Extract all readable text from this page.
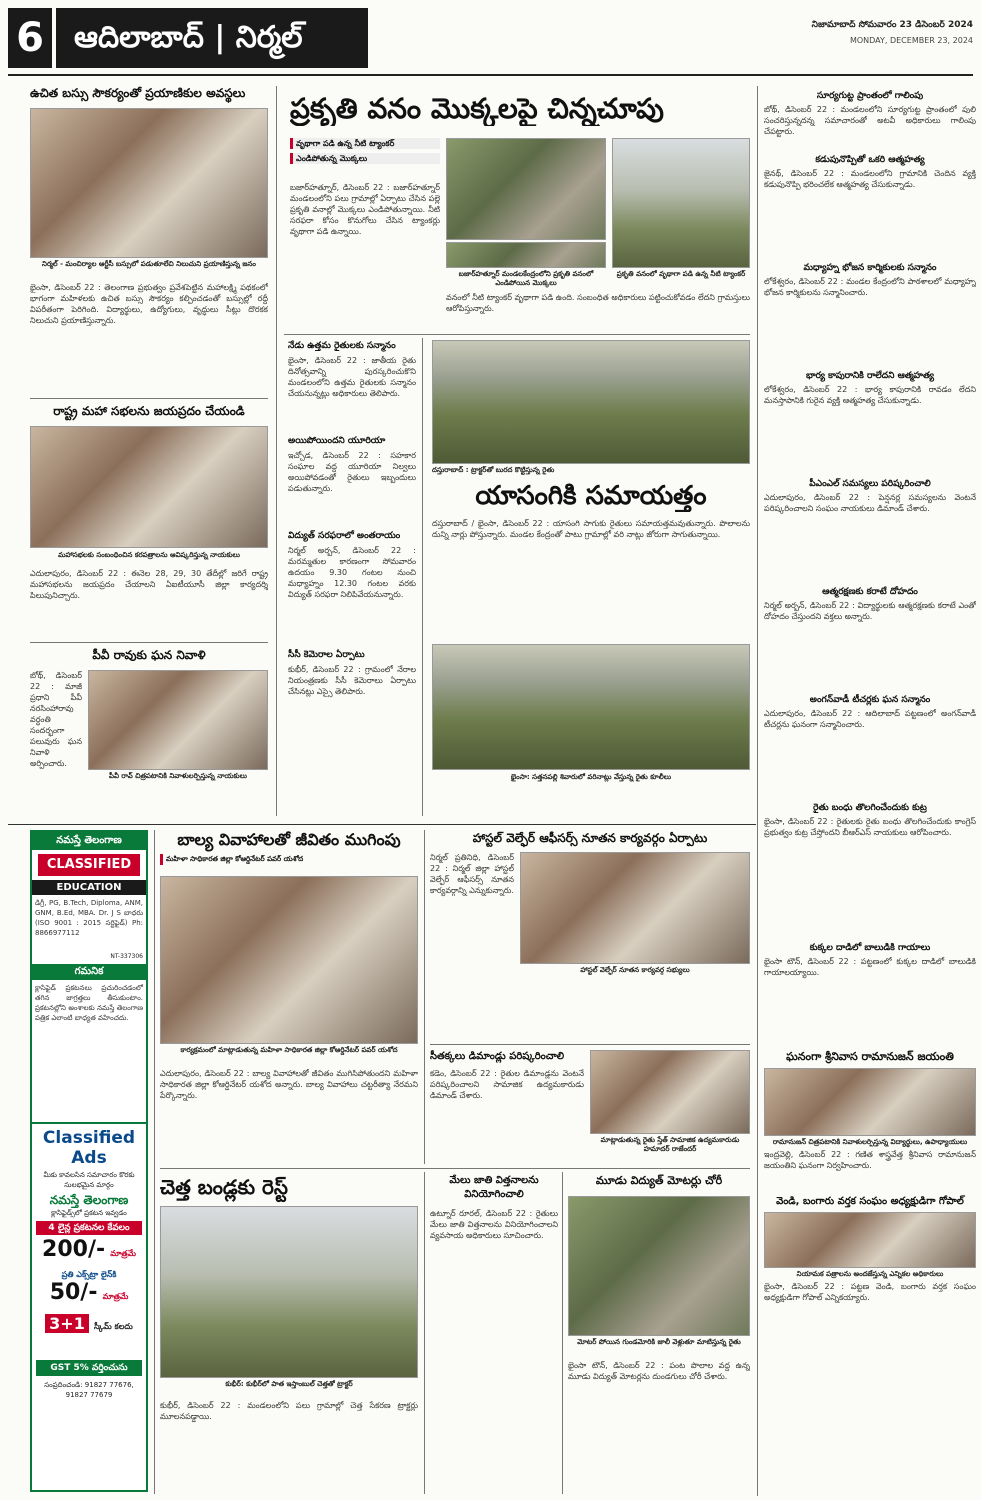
6	ఆదిలాబాద్ | నిర్మల్	నిజామాబాద్ సోమవారం 23 డిసెంబర్ 2024
MONDAY, DECEMBER 23, 2024
ఉచిత బస్సు సౌకర్యంతో ప్రయాణికుల అవస్థలు
నిర్మల్ - మంచిర్యాల ఆర్టీసీ బస్సులో పడుతూలేచి నిలుచుని ప్రయాణిస్తున్న జనం
భైంసా, డిసెంబర్ 22 : తెలంగాణ ప్రభుత్వం ప్రవేశపెట్టిన మహాలక్ష్మి పథకంలో భాగంగా మహిళలకు ఉచిత బస్సు సౌకర్యం కల్పించడంతో బస్సుల్లో రద్దీ విపరీతంగా పెరిగింది. విద్యార్థులు, ఉద్యోగులు, వృద్ధులు సీట్లు దొరకక నిలుచుని ప్రయాణిస్తున్నారు.
రాష్ట్ర మహా సభలను జయప్రదం చేయండి
మహాసభలకు సంబంధించిన కరపత్రాలను ఆవిష్కరిస్తున్న నాయకులు
ఎదులాపురం, డిసెంబర్ 22 : ఈనెల 28, 29, 30 తేదీల్లో జరిగే రాష్ట్ర మహాసభలను జయప్రదం చేయాలని ఏఐటీయూసీ జిల్లా కార్యదర్శి పిలుపునిచ్చారు.
పీవీ రావుకు ఘన నివాళి
బోథ్, డిసెంబర్ 22 : మాజీ ప్రధాని పీవీ నరసింహారావు వర్ధంతి సందర్భంగా పలువురు ఘన నివాళి అర్పించారు.
పీవీ రావ్ చిత్రపటానికి నివాళులర్పిస్తున్న నాయకులు
ప్రకృతి వనం మొక్కలపై చిన్నచూపు
వృథాగా పడి ఉన్న నీటి ట్యాంకర్
ఎండిపోతున్న మొక్కలు
బజార్‌హత్నూర్, డిసెంబర్ 22 : బజార్‌హత్నూర్ మండలంలోని పలు గ్రామాల్లో ఏర్పాటు చేసిన పల్లె ప్రకృతి వనాల్లో మొక్కలు ఎండిపోతున్నాయి. నీటి సరఫరా కోసం కొనుగోలు చేసిన ట్యాంకర్లు వృథాగా పడి ఉన్నాయి.
బజార్‌హత్నూర్ మండలకేంద్రంలోని ప్రకృతి వనంలో ఎండిపోయిన మొక్కలు
ప్రకృతి వనంలో వృథాగా పడి ఉన్న నీటి ట్యాంకర్
వనంలో నీటి ట్యాంకర్ వృథాగా పడి ఉంది. సంబంధిత అధికారులు పట్టించుకోవడం లేదని గ్రామస్తులు ఆరోపిస్తున్నారు.
నేడు ఉత్తమ రైతులకు సన్మానం
భైంసా, డిసెంబర్ 22 : జాతీయ రైతు దినోత్సవాన్ని పురస్కరించుకొని మండలంలోని ఉత్తమ రైతులకు సన్మానం చేయనున్నట్లు అధికారులు తెలిపారు.
అయిపోయిందని యూరియా
ఇచ్చోడ, డిసెంబర్ 22 : సహకార సంఘాల వద్ద యూరియా నిల్వలు అయిపోవడంతో రైతులు ఇబ్బందులు పడుతున్నారు.
విద్యుత్ సరఫరాలో అంతరాయం
నిర్మల్ అర్బన్, డిసెంబర్ 22 : మరమ్మతుల కారణంగా సోమవారం ఉదయం 9.30 గంటల నుంచి మధ్యాహ్నం 12.30 గంటల వరకు విద్యుత్ సరఫరా నిలిపివేయనున్నారు.
సీసీ కెమెరాల ఏర్పాటు
కుభీర్, డిసెంబర్ 22 : గ్రామంలో నేరాల నియంత్రణకు సీసీ కెమెరాలు ఏర్పాటు చేసినట్లు ఎస్సై తెలిపారు.
దస్తురాబాద్ : ట్రాక్టర్‌తో బురద కొట్టిస్తున్న రైతు
యాసంగికి సమాయత్తం
దస్తురాబాద్ / భైంసా, డిసెంబర్ 22 : యాసంగి సాగుకు రైతులు సమాయత్తమవుతున్నారు. పొలాలను దున్ని నార్లు పోస్తున్నారు. మండల కేంద్రంతో పాటు గ్రామాల్లో వరి నాట్లు జోరుగా సాగుతున్నాయి.
భైంసా: సత్తనపల్లి శివారులో వరినాట్లు వేస్తున్న రైతు కూలీలు
సూర్యగుట్ట ప్రాంతంలో గాలింపు
బోథ్, డిసెంబర్ 22 : మండలంలోని సూర్యగుట్ట ప్రాంతంలో పులి సంచరిస్తున్నదన్న సమాచారంతో అటవీ అధికారులు గాలింపు చేపట్టారు.
కడుపునొప్పితో ఒకరి ఆత్మహత్య
జైనథ్, డిసెంబర్ 22 : మండలంలోని గ్రామానికి చెందిన వ్యక్తి కడుపునొప్పి భరించలేక ఆత్మహత్య చేసుకున్నాడు.
మధ్యాహ్న భోజన కార్మికులకు సన్మానం
లోకేశ్వరం, డిసెంబర్ 22 : మండల కేంద్రంలోని పాఠశాలలో మధ్యాహ్న భోజన కార్మికులను సన్మానించారు.
భార్య కాపురానికి రాలేదని ఆత్మహత్య
లోకేశ్వరం, డిసెంబర్ 22 : భార్య కాపురానికి రావడం లేదని మనస్తాపానికి గురైన వ్యక్తి ఆత్మహత్య చేసుకున్నాడు.
పీఎంఎల్ సమస్యలు పరిష్కరించాలి
ఎదులాపురం, డిసెంబర్ 22 : పెన్షనర్ల సమస్యలను వెంటనే పరిష్కరించాలని సంఘం నాయకులు డిమాండ్ చేశారు.
ఆత్మరక్షణకు కరాటే దోహదం
నిర్మల్ అర్బన్, డిసెంబర్ 22 : విద్యార్థులకు ఆత్మరక్షణకు కరాటే ఎంతో దోహదం చేస్తుందని వక్తలు అన్నారు.
అంగన్‌వాడీ టీచర్లకు ఘన సన్మానం
ఎదులాపురం, డిసెంబర్ 22 : ఆదిలాబాద్ పట్టణంలో అంగన్‌వాడీ టీచర్లను ఘనంగా సన్మానించారు.
రైతు బంధు తొలగించేందుకు కుట్ర
భైంసా, డిసెంబర్ 22 : రైతులకు రైతు బంధు తొలగించేందుకు కాంగ్రెస్ ప్రభుత్వం కుట్ర చేస్తోందని బీఆర్ఎస్ నాయకులు ఆరోపించారు.
కుక్కల దాడిలో బాలుడికి గాయాలు
భైంసా టౌన్, డిసెంబర్ 22 : పట్టణంలో కుక్కల దాడిలో బాలుడికి గాయాలయ్యాయి.
ఘనంగా శ్రీనివాస రామానుజన్ జయంతి
రామానుజన్ చిత్రపటానికి నివాళులర్పిస్తున్న విద్యార్థులు, ఉపాధ్యాయులు
ఇంద్రవెల్లి, డిసెంబర్ 22 : గణిత శాస్త్రవేత్త శ్రీనివాస రామానుజన్ జయంతిని ఘనంగా నిర్వహించారు.
వెండి, బంగారు వర్తక సంఘం అధ్యక్షుడిగా గోపాల్
నియామక పత్రాలను అందజేస్తున్న ఎన్నికల అధికారులు
భైంసా, డిసెంబర్ 22 : పట్టణ వెండి, బంగారు వర్తక సంఘం అధ్యక్షుడిగా గోపాల్ ఎన్నికయ్యారు.
నమస్తే తెలంగాణ
CLASSIFIED
EDUCATION
డిగ్రీ, PG, B.Tech, Diploma, ANM, GNM, B.Ed, MBA. Dr. J S బాధరు (ISO 9001 : 2015 సర్టిఫైడ్) Ph: 8866977112
NT-337306
గమనిక
క్లాసిఫైడ్ ప్రకటనలు ప్రచురించడంలో తగిన జాగ్రత్తలు తీసుకుంటాం. ప్రకటనల్లోని అంశాలకు నమస్తే తెలంగాణ పత్రిక ఎలాంటి బాధ్యత వహించదు.
Classified Ads
మీకు కావలసిన సమాచారం కొరకు సులభమైన మార్గం
నమస్తే తెలంగాణ
క్లాసిఫైడ్స్‌లో ప్రకటన ఇవ్వడం
4 లైన్ల ప్రకటనల కేవలం
200/- మాత్రమే
ప్రతి ఎక్స్‌ట్రా లైన్‌కి
50/- మాత్రమే
3+1 స్కీమ్ కలదు
GST 5% వర్తించును
సంప్రదించండి: 91827 77676, 91827 77679
బాల్య వివాహాలతో జీవితం ముగింపు
మహిళా సాధికారత జిల్లా కోఆర్డినేటర్ పవర్ యశోద
కార్యక్రమంలో మాట్లాడుతున్న మహిళా సాధికారత జిల్లా కోఆర్డినేటర్ పవర్ యశోద
ఎదులాపురం, డిసెంబర్ 22 : బాల్య వివాహాలతో జీవితం ముగిసిపోతుందని మహిళా సాధికారత జిల్లా కోఆర్డినేటర్ యశోద అన్నారు. బాల్య వివాహాలు చట్టరీత్యా నేరమని పేర్కొన్నారు.
హాస్టల్ వెల్ఫేర్ ఆఫీసర్స్ నూతన కార్యవర్గం ఏర్పాటు
నిర్మల్ ప్రతినిధి, డిసెంబర్ 22 : నిర్మల్ జిల్లా హాస్టల్ వెల్ఫేర్ ఆఫీసర్స్ నూతన కార్యవర్గాన్ని ఎన్నుకున్నారు.
హాస్టల్ వెల్ఫేర్ నూతన కార్యవర్గ సభ్యులు
సీతక్కలు డిమాండ్లు పరిష్కరించాలి
కడెం, డిసెంబర్ 22 : రైతుల డిమాండ్లను వెంటనే పరిష్కరించాలని సామాజిక ఉద్యమకారుడు డిమాండ్ చేశారు.
మాట్లాడుతున్న రైతు స్తేత్ సామాజిక ఉద్యమకారుడు హమాదర్ రాజేందర్
చెత్త బండ్లకు రెస్ట్
కుభీర్: కుభీర్‌లో పాత ఇస్తాంబుల్ చెత్తతో ట్రాక్టర్
కుభీర్, డిసెంబర్ 22 : మండలంలోని పలు గ్రామాల్లో చెత్త సేకరణ ట్రాక్టర్లు మూలనపడ్డాయి.
మేలు జాతి విత్తనాలను వినియోగించాలి
ఉట్నూర్ రూరల్, డిసెంబర్ 22 : రైతులు మేలు జాతి విత్తనాలను వినియోగించాలని వ్యవసాయ అధికారులు సూచించారు.
మూడు విద్యుత్ మోటర్లు చోరీ
మోటర్ పోయిన గుండమోరికి జాలీ వెళ్లుతూ మాటిస్తున్న రైతు
భైంసా టౌన్, డిసెంబర్ 22 : పంట పొలాల వద్ద ఉన్న మూడు విద్యుత్ మోటర్లను దుండగులు చోరీ చేశారు.
